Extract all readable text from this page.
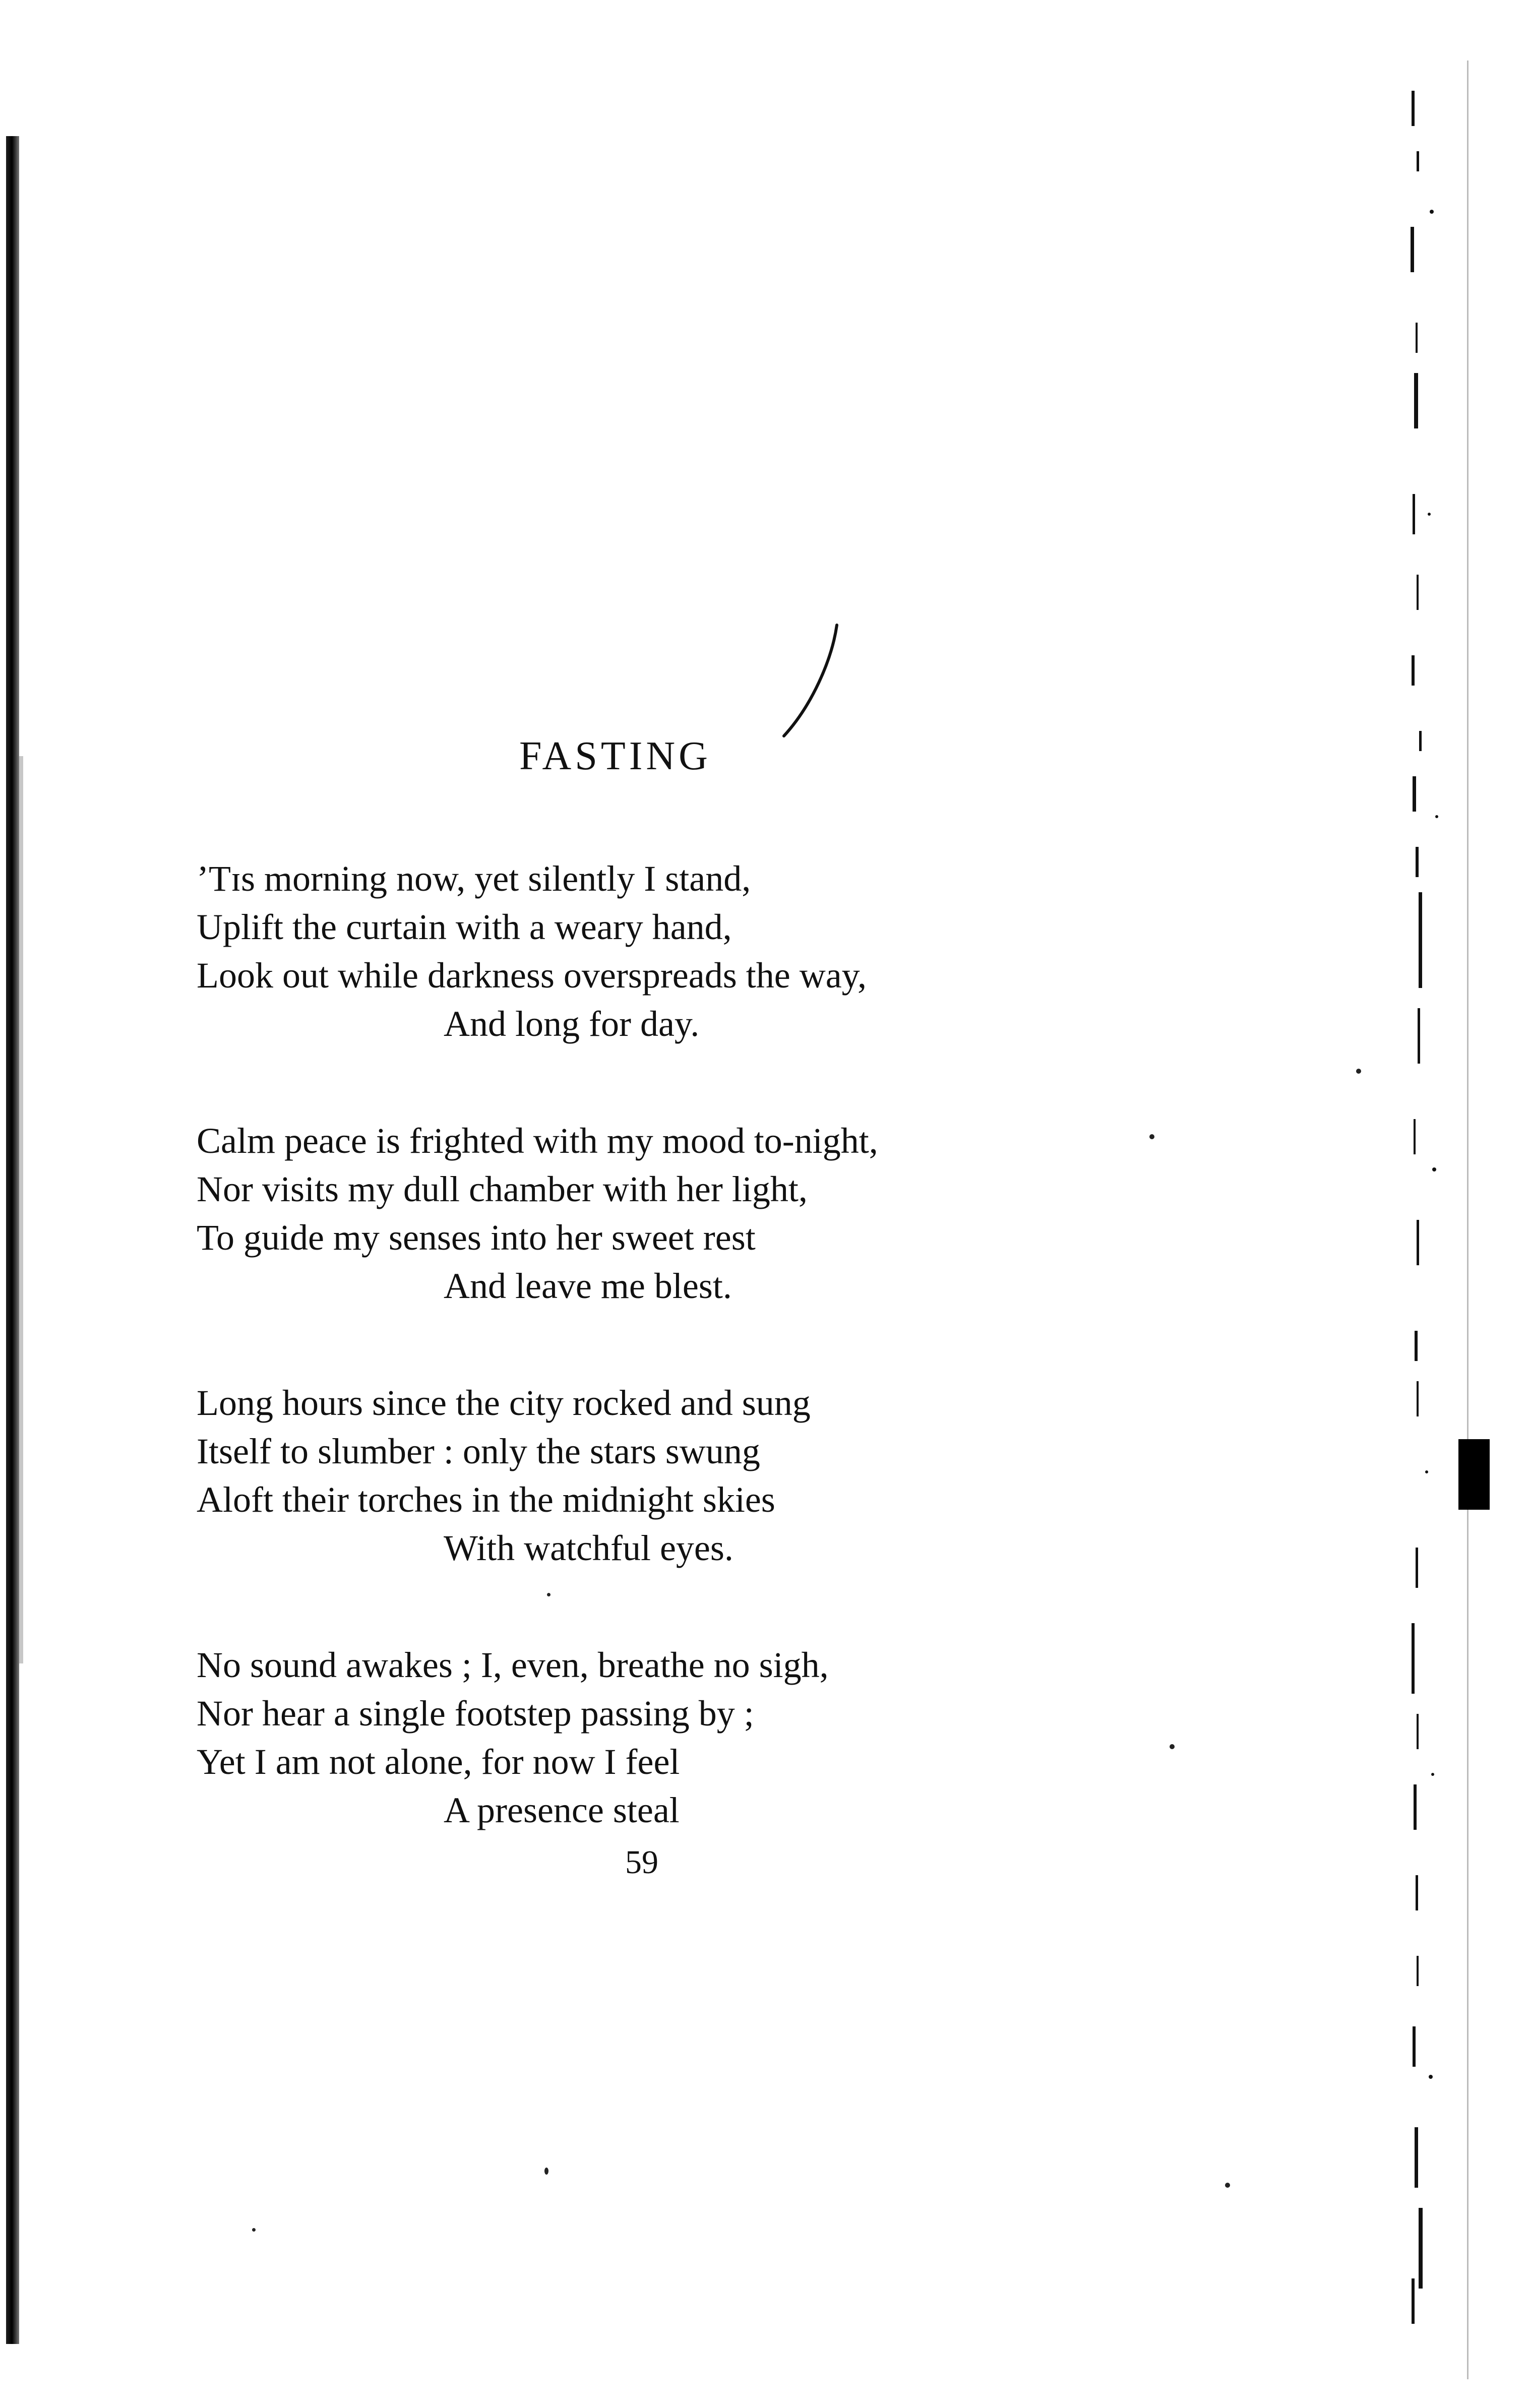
FASTING
’Tɪs morning now, yet silently I stand,
Uplift the curtain with a weary hand,
Look out while darkness overspreads the way,
And long for day.
Calm peace is frighted with my mood to-night,
Nor visits my dull chamber with her light,
To guide my senses into her sweet rest
And leave me blest.
Long hours since the city rocked and sung
Itself to slumber : only the stars swung
Aloft their torches in the midnight skies
With watchful eyes.
No sound awakes ; I, even, breathe no sigh,
Nor hear a single footstep passing by ;
Yet I am not alone, for now I feel
A presence steal
59
